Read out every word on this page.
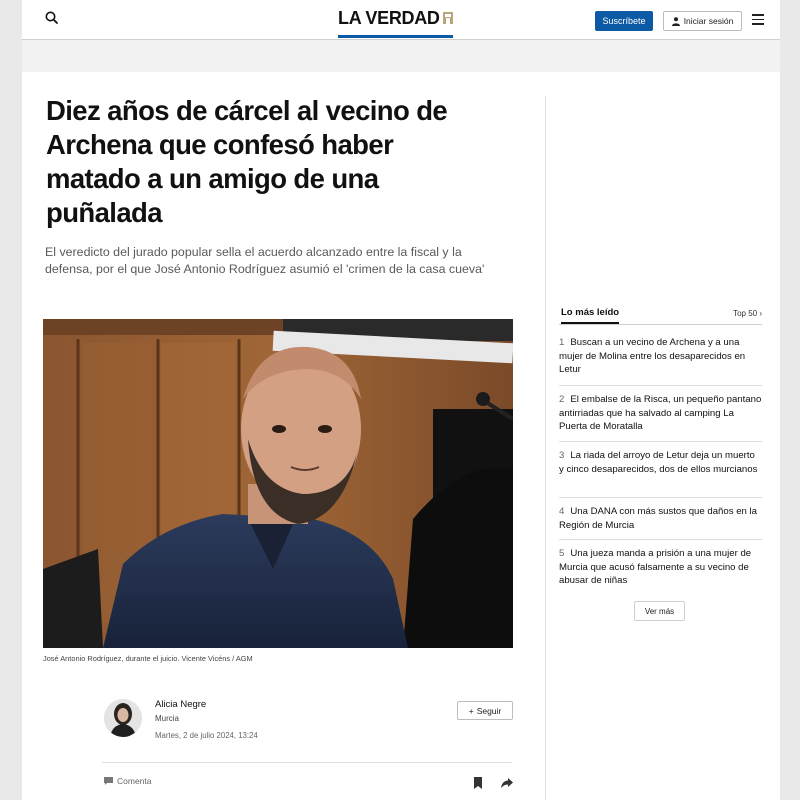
LA VERDAD	Suscríbete	Iniciar sesión
Diez años de cárcel al vecino de Archena que confesó haber matado a un amigo de una puñalada

El veredicto del jurado popular sella el acuerdo alcanzado entre la fiscal y la defensa, por el que José Antonio Rodríguez asumió el 'crimen de la casa cueva'

José Antonio Rodríguez, durante el juicio. Vicente Vicéns / AGM
Alicia Negre
Murcia
Martes, 2 de julio 2024, 13:24
+ Seguir
Comenta
Lo más leído	Top 50 ›
1 Buscan a un vecino de Archena y a una mujer de Molina entre los desaparecidos en Letur
2 El embalse de la Risca, un pequeño pantano antirriadas que ha salvado al camping La Puerta de Moratalla
3 La riada del arroyo de Letur deja un muerto y cinco desaparecidos, dos de ellos murcianos
4 Una DANA con más sustos que daños en la Región de Murcia
5 Una jueza manda a prisión a una mujer de Murcia que acusó falsamente a su vecino de abusar de niñas
Ver más
